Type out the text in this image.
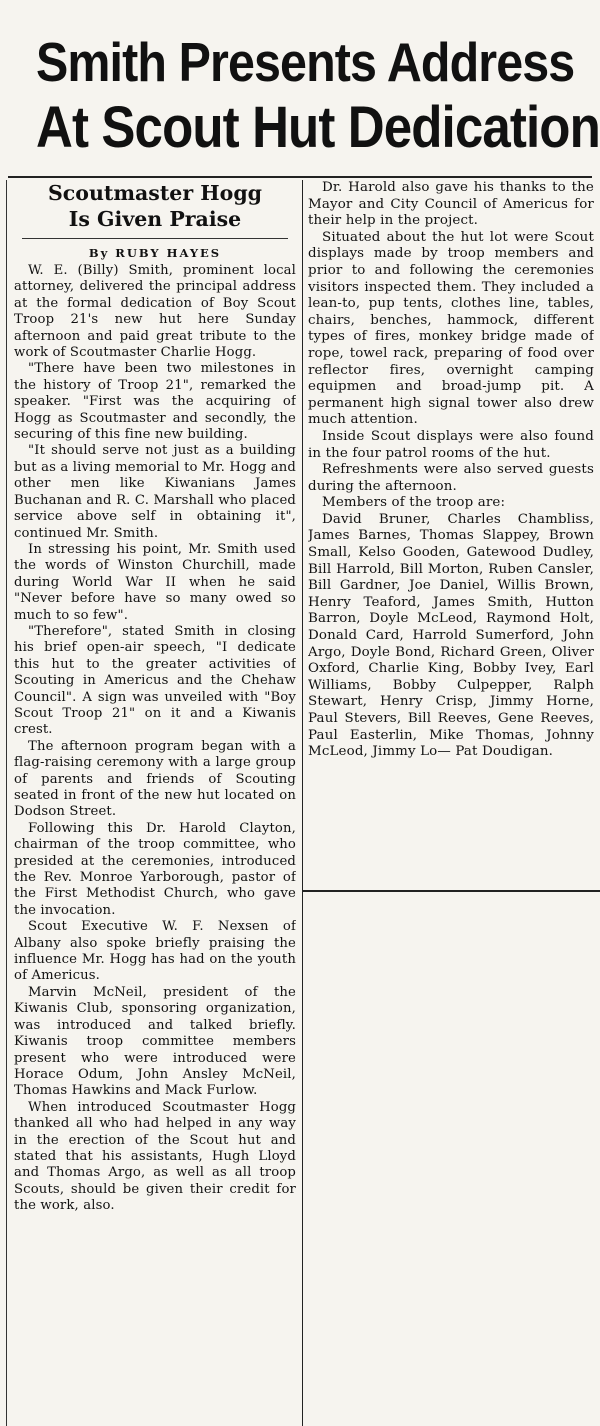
Smith Presents Address
At Scout Hut Dedication
Scoutmaster Hogg
Is Given Praise
By RUBY HAYES

W. E. (Billy) Smith, prominent local attorney, delivered the principal address at the formal dedication of Boy Scout Troop 21's new hut here Sunday afternoon and paid great tribute to the work of Scoutmaster Charlie Hogg.

"There have been two milestones in the history of Troop 21", remarked the speaker. "First was the acquiring of Hogg as Scoutmaster and secondly, the securing of this fine new building.

"It should serve not just as a building but as a living memorial to Mr. Hogg and other men like Kiwanians James Buchanan and R. C. Marshall who placed service above self in obtaining it", continued Mr. Smith.

In stressing his point, Mr. Smith used the words of Winston Churchill, made during World War II when he said "Never before have so many owed so much to so few".

"Therefore", stated Smith in closing his brief open-air speech, "I dedicate this hut to the greater activities of Scouting in Americus and the Chehaw Council". A sign was unveiled with "Boy Scout Troop 21" on it and a Kiwanis crest.

The afternoon program began with a flag-raising ceremony with a large group of parents and friends of Scouting seated in front of the new hut located on Dodson Street.

Following this Dr. Harold Clayton, chairman of the troop committee, who presided at the ceremonies, introduced the Rev. Monroe Yarborough, pastor of the First Methodist Church, who gave the invocation.

Scout Executive W. F. Nexsen of Albany also spoke briefly praising the influence Mr. Hogg has had on the youth of Americus.

Marvin McNeil, president of the Kiwanis Club, sponsoring organization, was introduced and talked briefly. Kiwanis troop committee members present who were introduced were Horace Odum, John Ansley McNeil, Thomas Hawkins and Mack Furlow.

When introduced Scoutmaster Hogg thanked all who had helped in any way in the erection of the Scout hut and stated that his assistants, Hugh Lloyd and Thomas Argo, as well as all troop Scouts, should be given their credit for the work, also.

Dr. Harold also gave his thanks to the Mayor and City Council of Americus for their help in the project.

Situated about the hut lot were Scout displays made by troop members and prior to and following the ceremonies visitors inspected them. They included a lean-to, pup tents, clothes line, tables, chairs, benches, hammock, different types of fires, monkey bridge made of rope, towel rack, preparing of food over reflector fires, overnight camping equipmen and broad-jump pit. A permanent high signal tower also drew much attention.

Inside Scout displays were also found in the four patrol rooms of the hut.

Refreshments were also served guests during the afternoon.

Members of the troop are:

David Bruner, Charles Chambliss, James Barnes, Thomas Slappey, Brown Small, Kelso Gooden, Gatewood Dudley, Bill Harrold, Bill Morton, Ruben Cansler, Bill Gardner, Joe Daniel, Willis Brown, Henry Teaford, James Smith, Hutton Barron, Doyle McLeod, Raymond Holt, Donald Card, Harrold Sumerford, John Argo, Doyle Bond, Richard Green, Oliver Oxford, Charlie King, Bobby Ivey, Earl Williams, Bobby Culpepper, Ralph Stewart, Henry Crisp, Jimmy Horne, Paul Stevers, Bill Reeves, Gene Reeves, Paul Easterlin, Mike Thomas, Johnny McLeod, Jimmy Lo— Pat Doudigan.
